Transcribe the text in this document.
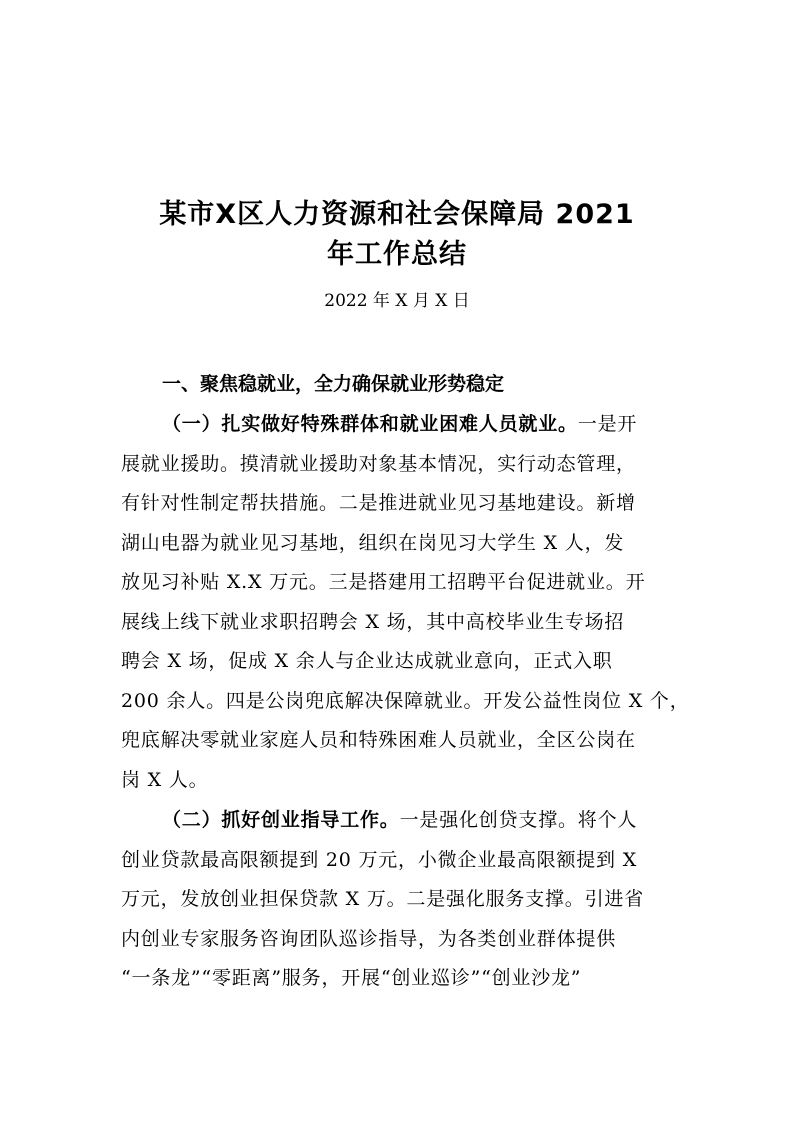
某市X区人力资源和社会保障局 2021
年工作总结
2022 年 X 月 X 日
一、聚焦稳就业，全力确保就业形势稳定
（一）扎实做好特殊群体和就业困难人员就业。一是开
展就业援助。摸清就业援助对象基本情况，实行动态管理，
有针对性制定帮扶措施。二是推进就业见习基地建设。新增
湖山电器为就业见习基地，组织在岗见习大学生 X 人，发
放见习补贴 X.X 万元。三是搭建用工招聘平台促进就业。开
展线上线下就业求职招聘会 X 场，其中高校毕业生专场招
聘会 X 场，促成 X 余人与企业达成就业意向，正式入职
200 余人。四是公岗兜底解决保障就业。开发公益性岗位 X 个，
兜底解决零就业家庭人员和特殊困难人员就业，全区公岗在
岗 X 人。
（二）抓好创业指导工作。一是强化创贷支撑。将个人
创业贷款最高限额提到 20 万元，小微企业最高限额提到 X
万元，发放创业担保贷款 X 万。二是强化服务支撑。引进省
内创业专家服务咨询团队巡诊指导，为各类创业群体提供
“一条龙”“零距离”服务，开展“创业巡诊”“创业沙龙”
